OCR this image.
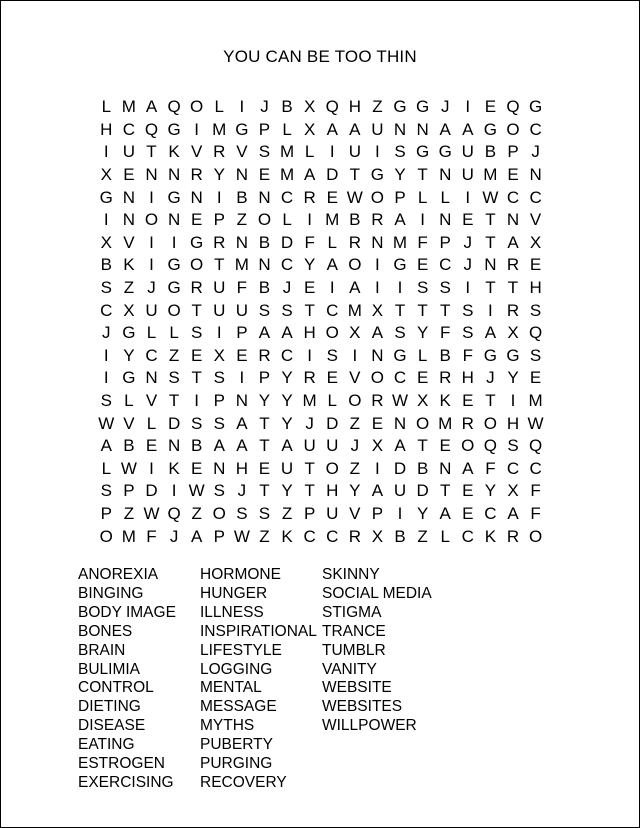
YOU CAN BE TOO THIN
L M A Q O L I J B X Q H Z G G J I E Q G
H C Q G I M G P L X A A U N N A A G O C
I U T K V R V S M L I U I S G G U B P J
X E N N R Y N E M A D T G Y T N U M E N
G N I G N I B N C R E W O P L L I W C C
I N O N E P Z O L I M B R A I N E T N V
X V I	I G R N B D F L R N M F P J T A X
B K I G O T M N C Y A O I G E C J N R E
S Z J G R U F B J E I A I	I S S I T T H
C X U O T U U S S T C M X T T T S I R S
J G L L S I P A A H O X A S Y F S A X Q
I Y C Z E X E R C I S I N G L B F G G S
I G N S T S I P Y R E V O C E R H J Y E
S L V T I P N Y Y M L O R W X K E T I M
W V L D S S A T Y J D Z E N O M R O H W
A B E N B A A T A U U J X A T E O Q S Q
L W I K E N H E U T O Z I D B N A F C C
S P D I W S J T Y T H Y A U D T E Y X F
P Z W Q Z O S S Z P U V P I Y A E C A F
O M F J A P W Z K C C R X B Z L C K R O
ANOREXIA
BINGING
BODY IMAGE
BONES
BRAIN
BULIMIA
CONTROL
DIETING
DISEASE
EATING
ESTROGEN
EXERCISING
HORMONE
HUNGER
ILLNESS
INSPIRATIONAL
LIFESTYLE
LOGGING
MENTAL
MESSAGE
MYTHS
PUBERTY
PURGING
RECOVERY
SKINNY
SOCIAL MEDIA
STIGMA
TRANCE
TUMBLR
VANITY
WEBSITE
WEBSITES
WILLPOWER
